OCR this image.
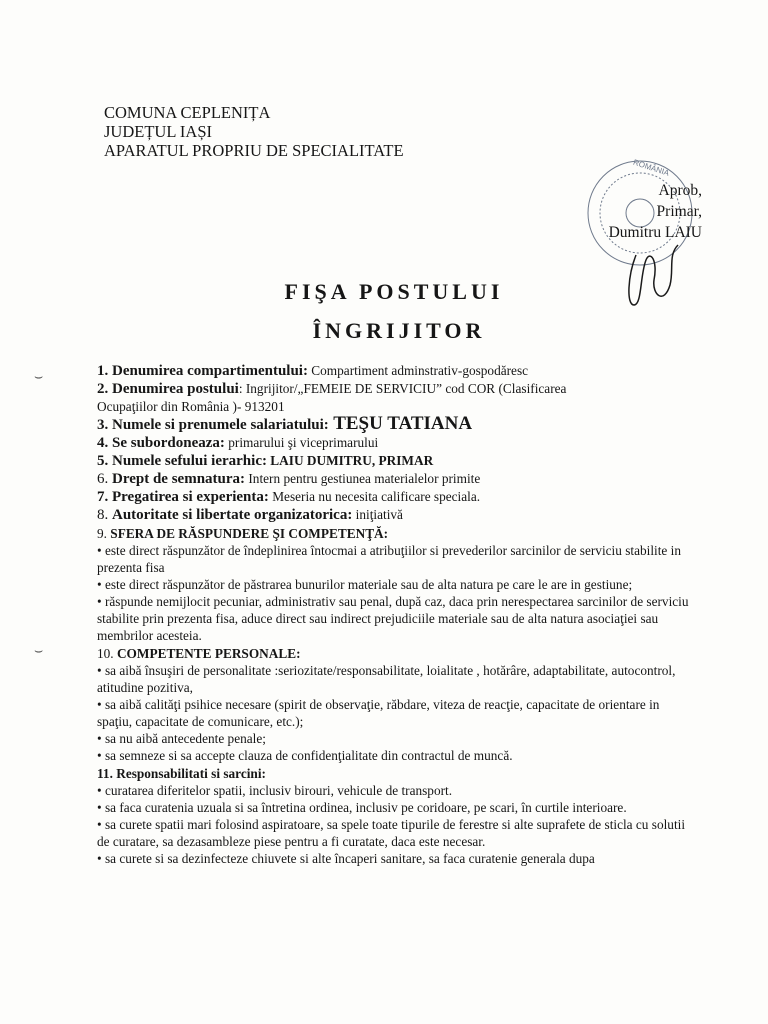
COMUNA CEPLENIȚA
JUDEȚUL IAȘI
APARATUL PROPRIU DE SPECIALITATE
ROMÂNIA
Aprob,
Primar,
Dumitru LAIU
FIŞA POSTULUI
ÎNGRIJITOR
⌣
⌣

1. Denumirea compartimentului: Compartiment adminstrativ-gospodăresc

2. Denumirea postului: Ingrijitor/„FEMEIE DE SERVICIU” cod COR (Clasificarea
Ocupaţiilor din România )- 913201

3. Numele si prenumele salariatului: TEŞU TATIANA

4. Se subordoneaza: primarului şi viceprimarului

5. Numele sefului ierarhic: LAIU DUMITRU, PRIMAR

6. Drept de semnatura: Intern pentru gestiunea materialelor primite

7. Pregatirea si experienta: Meseria nu necesita calificare speciala.

8. Autoritate si libertate organizatorica: iniţiativă

9. SFERA DE RĂSPUNDERE ŞI COMPETENŢĂ:

• este direct răspunzător de îndeplinirea întocmai a atribuţiilor si prevederilor sarcinilor de serviciu stabilite in prezenta fisa

• este direct răspunzător de păstrarea bunurilor materiale sau de alta natura pe care le are in gestiune;

• răspunde nemijlocit pecuniar, administrativ sau penal, după caz, daca prin nerespectarea sarcinilor de serviciu stabilite prin prezenta fisa, aduce direct sau indirect prejudiciile materiale sau de alta natura asociaţiei sau membrilor acesteia.

10. COMPETENTE PERSONALE:

• sa aibă însuşiri de personalitate :seriozitate/responsabilitate, loialitate , hotărâre, adaptabilitate, autocontrol, atitudine pozitiva,

• sa aibă calităţi psihice necesare (spirit de observaţie, răbdare, viteza de reacţie, capacitate de orientare in spaţiu, capacitate de comunicare, etc.);

• sa nu aibă antecedente penale;

• sa semneze si sa accepte clauza de confidenţialitate din contractul de muncă.

11. Responsabilitati si sarcini:

• curatarea diferitelor spatii, inclusiv birouri, vehicule de transport.

• sa faca curatenia uzuala si sa întretina ordinea, inclusiv pe coridoare, pe scari, în curtile interioare.

• sa curete spatii mari folosind aspiratoare, sa spele toate tipurile de ferestre si alte suprafete de sticla cu solutii de curatare, sa dezasambleze piese pentru a fi curatate, daca este necesar.

• sa curete si sa dezinfecteze chiuvete si alte încaperi sanitare, sa faca curatenie generala dupa
